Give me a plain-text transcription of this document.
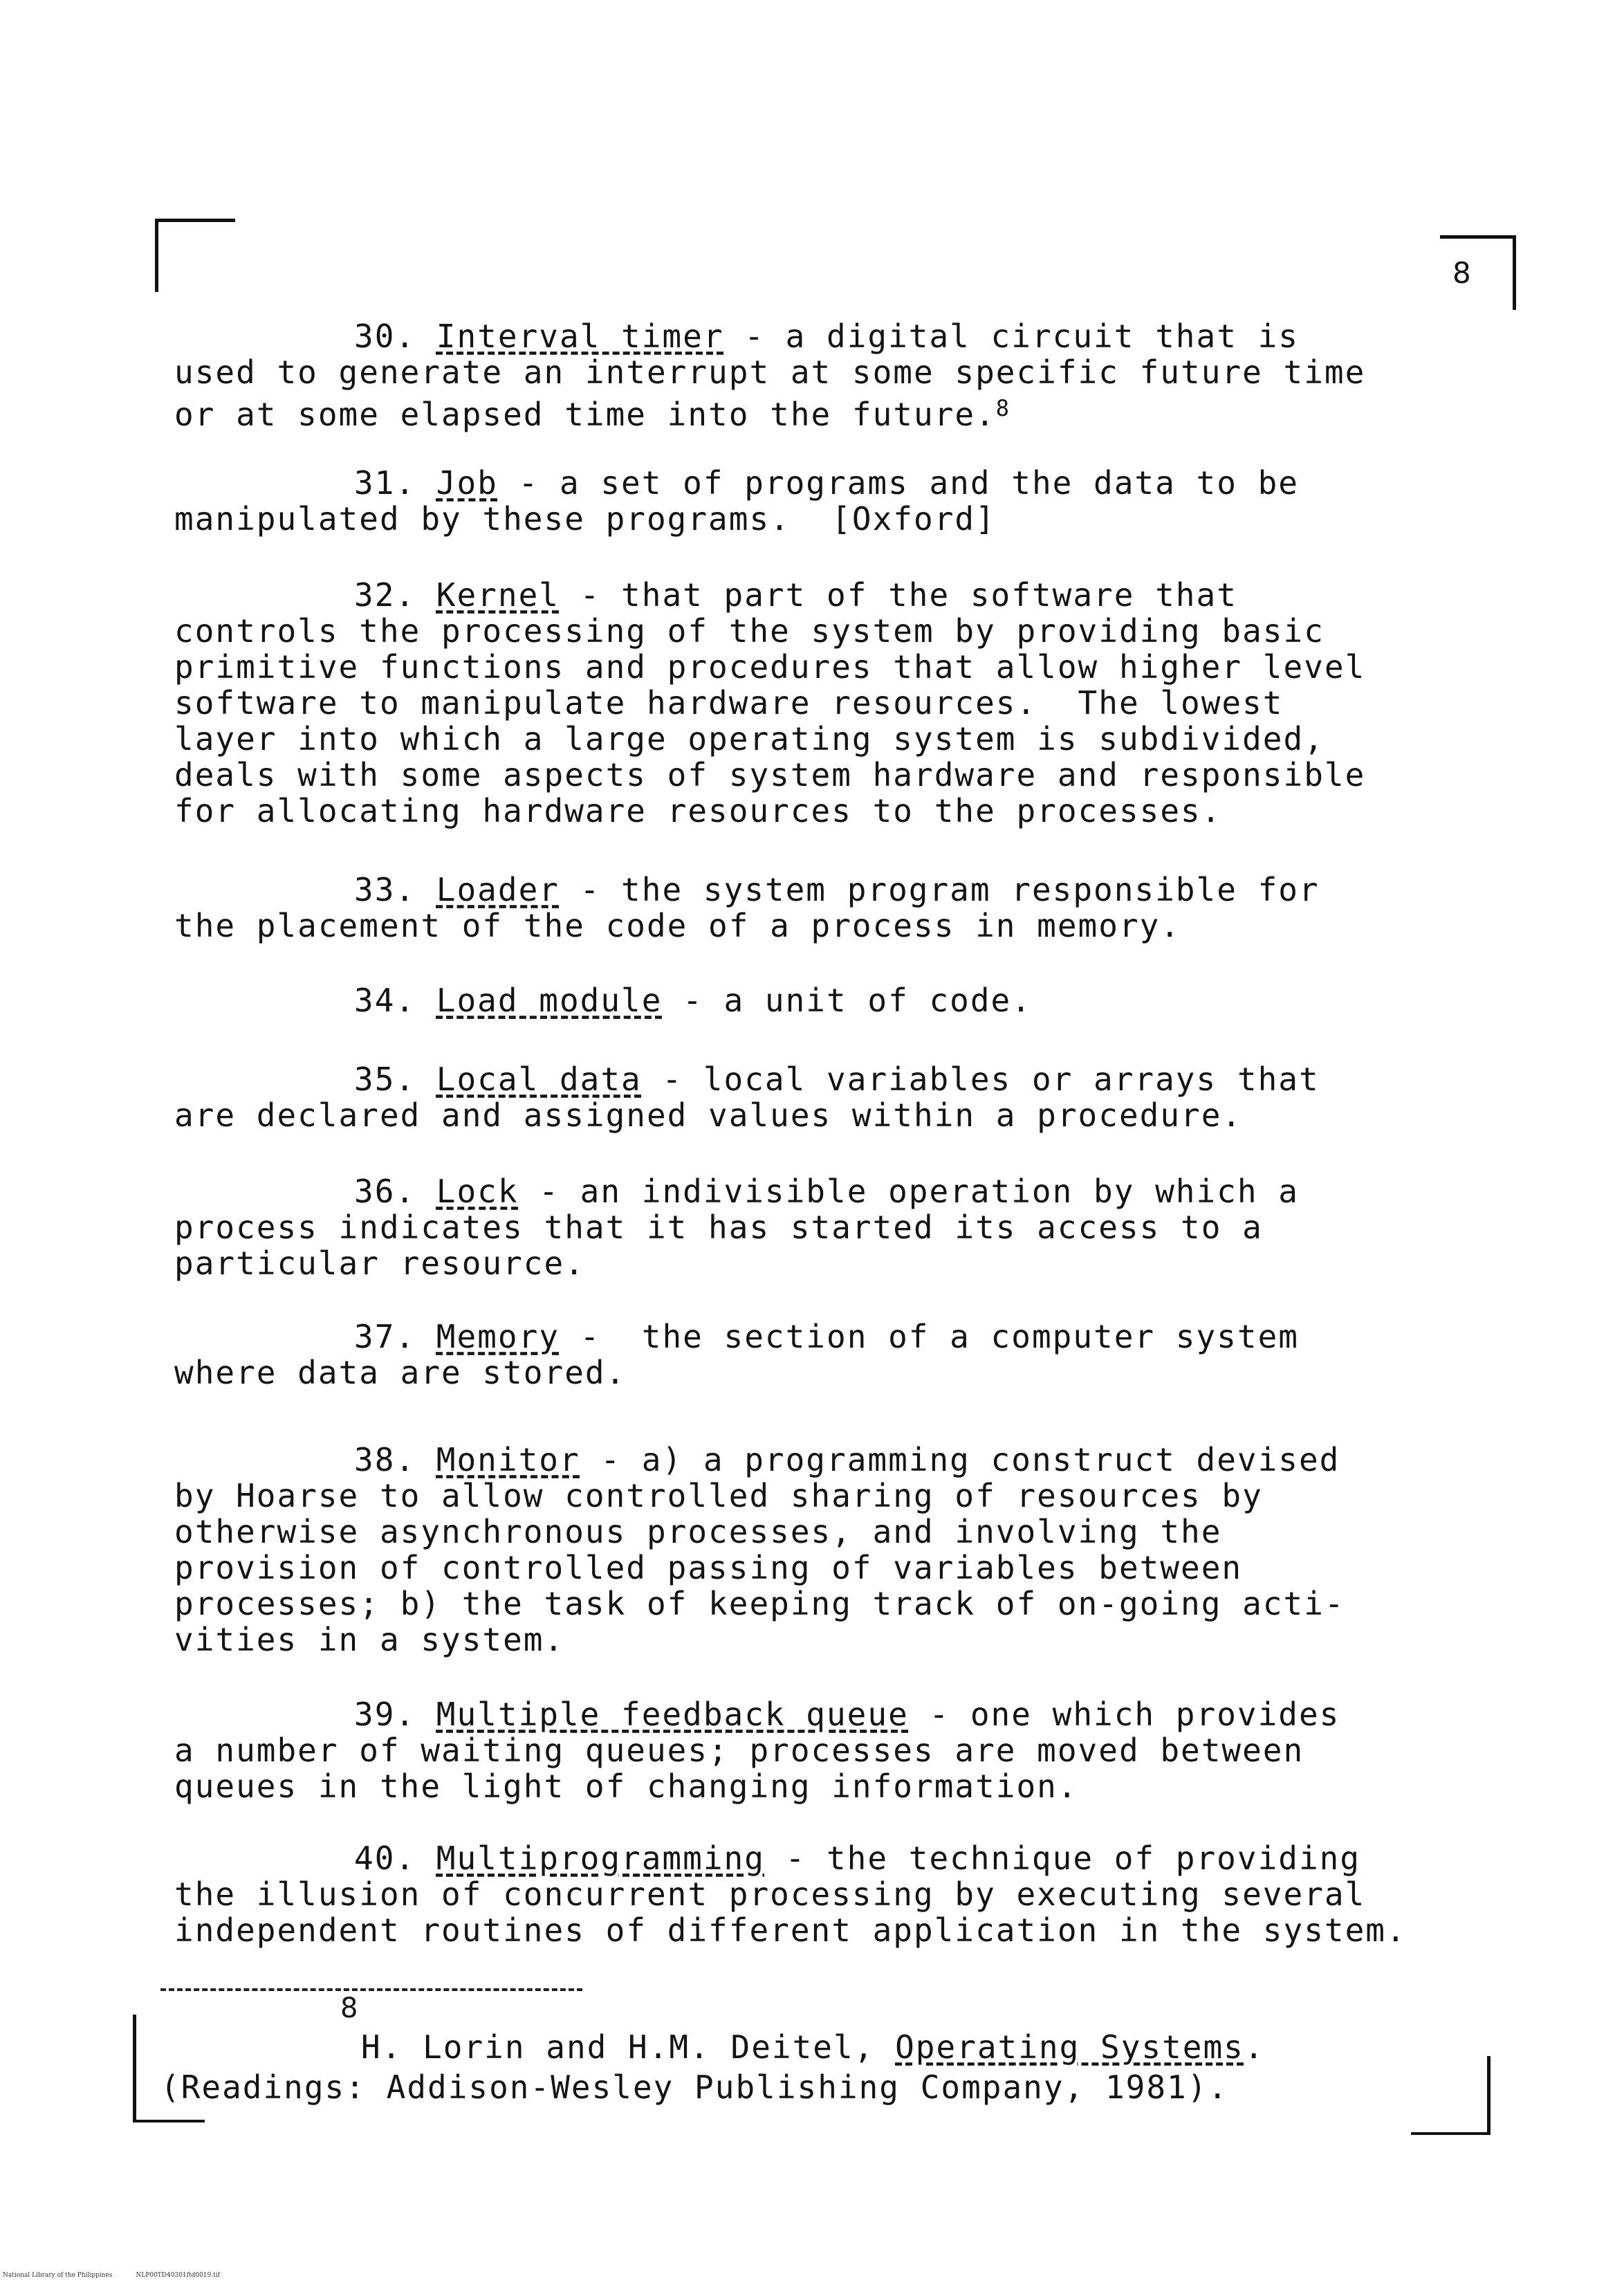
8
30. Interval timer - a digital circuit that is
used to generate an interrupt at some specific future time
or at some elapsed time into the future.$^8$
31. Job - a set of programs and the data to be
manipulated by these programs.  [Oxford]
32. Kernel - that part of the software that
controls the processing of the system by providing basic
primitive functions and procedures that allow higher level
software to manipulate hardware resources.  The lowest
layer into which a large operating system is subdivided,
deals with some aspects of system hardware and responsible
for allocating hardware resources to the processes.
33. Loader - the system program responsible for
the placement of the code of a process in memory.
34. Load module - a unit of code.
35. Local data - local variables or arrays that
are declared and assigned values within a procedure.
36. Lock - an indivisible operation by which a
process indicates that it has started its access to a
particular resource.
37. Memory -  the section of a computer system
where data are stored.
38. Monitor - a) a programming construct devised
by Hoarse to allow controlled sharing of resources by
otherwise asynchronous processes, and involving the
provision of controlled passing of variables between
processes; b) the task of keeping track of on-going acti-
vities in a system.
39. Multiple feedback queue - one which provides
a number of waiting queues; processes are moved between
queues in the light of changing information.
40. Multiprogramming - the technique of providing
the illusion of concurrent processing by executing several
independent routines of different application in the system.
8
H. Lorin and H.M. Deitel, Operating Systems.
(Readings: Addison-Wesley Publishing Company, 1981).
National Library of the Philippines	NLP00TD40301ftd0019.tif
